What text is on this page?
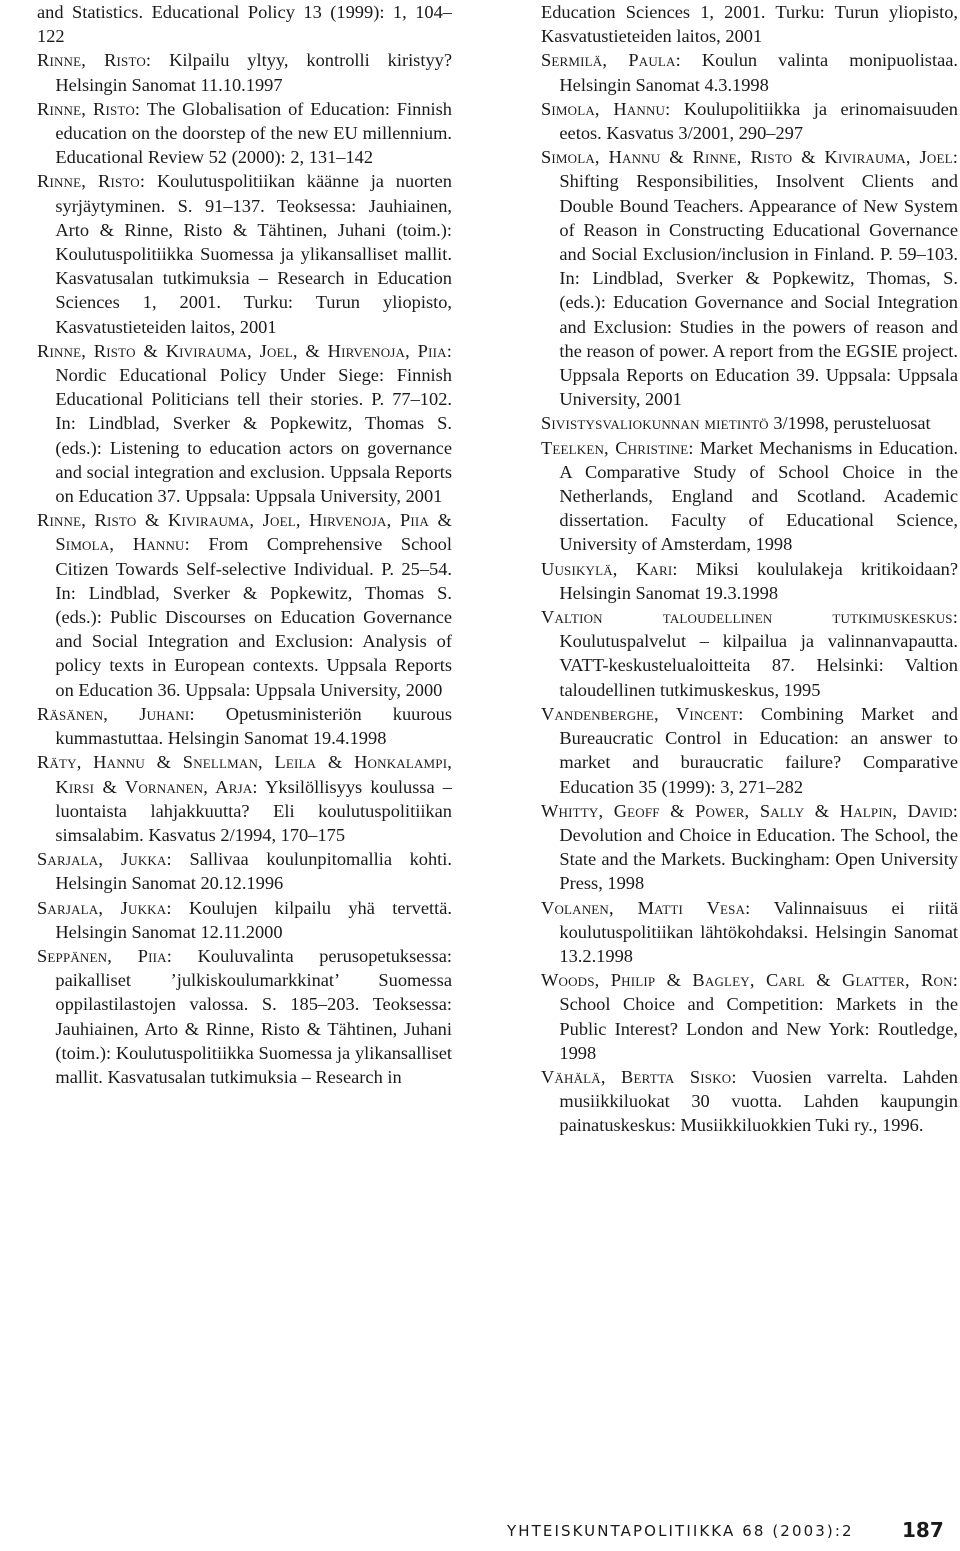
and Statistics. Educational Policy 13 (1999): 1, 104–122

Rinne, Risto: Kilpailu yltyy, kontrolli kiristyy? Helsingin Sanomat 11.10.1997

Rinne, Risto: The Globalisation of Education: Finnish education on the doorstep of the new EU millennium. Educational Review 52 (2000): 2, 131–142

Rinne, Risto: Koulutuspolitiikan käänne ja nuorten syrjäytyminen. S. 91–137. Teoksessa: Jauhiainen, Arto & Rinne, Risto & Tähtinen, Juhani (toim.): Koulutuspolitiikka Suomessa ja ylikansalliset mallit. Kasvatusalan tutkimuksia – Research in Education Sciences 1, 2001. Turku: Turun yliopisto, Kasvatustieteiden laitos, 2001

Rinne, Risto & Kivirauma, Joel, & Hirvenoja, Piia: Nordic Educational Policy Under Siege: Finnish Educational Politicians tell their stories. P. 77–102. In: Lindblad, Sverker & Popkewitz, Thomas S. (eds.): Listening to education actors on governance and social integration and exclusion. Uppsala Reports on Education 37. Uppsala: Uppsala University, 2001

Rinne, Risto & Kivirauma, Joel, Hirvenoja, Piia & Simola, Hannu: From Comprehensive School Citizen Towards Self-selective Individual. P. 25–54. In: Lindblad, Sverker & Popkewitz, Thomas S. (eds.): Public Discourses on Education Governance and Social Integration and Exclusion: Analysis of policy texts in European contexts. Uppsala Reports on Education 36. Uppsala: Uppsala University, 2000

Räsänen, Juhani: Opetusministeriön kuurous kummastuttaa. Helsingin Sanomat 19.4.1998

Räty, Hannu & Snellman, Leila & Honkalampi, Kirsi & Vornanen, Arja: Yksilöllisyys koulussa – luontaista lahjakkuutta? Eli koulutuspolitiikan simsalabim. Kasvatus 2/1994, 170–175

Sarjala, Jukka: Sallivaa koulunpitomallia kohti. Helsingin Sanomat 20.12.1996

Sarjala, Jukka: Koulujen kilpailu yhä tervettä. Helsingin Sanomat 12.11.2000

Seppänen, Piia: Kouluvalinta perusopetuksessa: paikalliset ’julkiskoulumarkkinat’ Suomessa oppilastilastojen valossa. S. 185–203. Teoksessa: Jauhiainen, Arto & Rinne, Risto & Tähtinen, Juhani (toim.): Koulutuspolitiikka Suomessa ja ylikansalliset mallit. Kasvatusalan tutkimuksia – Research in

Education Sciences 1, 2001. Turku: Turun yliopisto, Kasvatustieteiden laitos, 2001

Sermilä, Paula: Koulun valinta monipuolistaa. Helsingin Sanomat 4.3.1998

Simola, Hannu: Koulupolitiikka ja erinomaisuuden eetos. Kasvatus 3/2001, 290–297

Simola, Hannu & Rinne, Risto & Kivirauma, Joel: Shifting Responsibilities, Insolvent Clients and Double Bound Teachers. Appearance of New System of Reason in Constructing Educational Governance and Social Exclusion/inclusion in Finland. P. 59–103. In: Lindblad, Sverker & Popkewitz, Thomas, S. (eds.): Education Governance and Social Integration and Exclusion: Studies in the powers of reason and the reason of power. A report from the EGSIE project. Uppsala Reports on Education 39. Uppsala: Uppsala University, 2001

Sivistysvaliokunnan mietintö 3/1998, perusteluosat

Teelken, Christine: Market Mechanisms in Education. A Comparative Study of School Choice in the Netherlands, England and Scotland. Academic dissertation. Faculty of Educational Science, University of Amsterdam, 1998

Uusikylä, Kari: Miksi koululakeja kritikoidaan? Helsingin Sanomat 19.3.1998

Valtion taloudellinen tutkimuskeskus: Koulutuspalvelut – kilpailua ja valinnanvapautta. VATT-keskustelualoitteita 87. Helsinki: Valtion taloudellinen tutkimuskeskus, 1995

Vandenberghe, Vincent: Combining Market and Bureaucratic Control in Education: an answer to market and buraucratic failure? Comparative Education 35 (1999): 3, 271–282

Whitty, Geoff & Power, Sally & Halpin, David: Devolution and Choice in Education. The School, the State and the Markets. Buckingham: Open University Press, 1998

Volanen, Matti Vesa: Valinnaisuus ei riitä koulutuspolitiikan lähtökohdaksi. Helsingin Sanomat 13.2.1998

Woods, Philip & Bagley, Carl & Glatter, Ron: School Choice and Competition: Markets in the Public Interest? London and New York: Routledge, 1998

Vähälä, Bertta Sisko: Vuosien varrelta. Lahden musiikkiluokat 30 vuotta. Lahden kaupungin painatuskeskus: Musiikkiluokkien Tuki ry., 1996.

YHTEISKUNTAPOLITIIKKA 68 (2003):2 187
